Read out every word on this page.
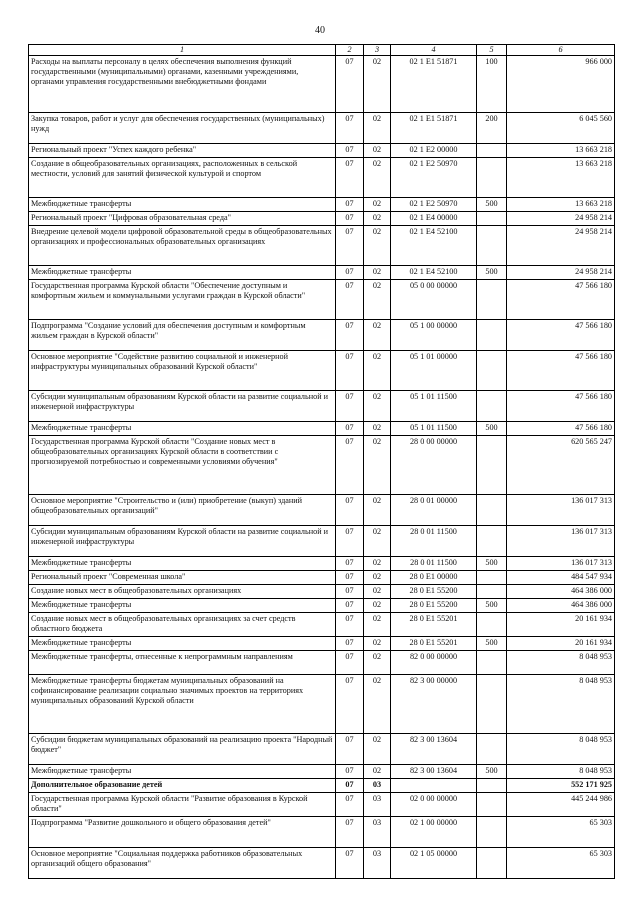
40
1	2	3	4	5	6
Расходы на выплаты персоналу в целях обеспечения выполнения функций государственными (муниципальными) органами, казенными учреждениями, органами управления государственными внебюджетными фондами	07	02	02 1 E1 51871	100	966 000
Закупка товаров, работ и услуг для обеспечения государственных (муниципальных) нужд	07	02	02 1 E1 51871	200	6 045 560
Региональный проект "Успех каждого ребенка"	07	02	02 1 E2 00000		13 663 218
Создание в общеобразовательных организациях, расположенных в сельской местности, условий для занятий физической культурой и спортом	07	02	02 1 E2 50970		13 663 218
Межбюджетные трансферты	07	02	02 1 E2 50970	500	13 663 218
Региональный проект "Цифровая образовательная среда"	07	02	02 1 E4 00000		24 958 214
Внедрение целевой модели цифровой образовательной среды в общеобразовательных организациях и профессиональных образовательных организациях	07	02	02 1 E4 52100		24 958 214
Межбюджетные трансферты	07	02	02 1 E4 52100	500	24 958 214
Государственная программа Курской области "Обеспечение доступным и комфортным жильем и коммунальными услугами граждан в Курской области"	07	02	05 0 00 00000		47 566 180
Подпрограмма "Создание условий для обеспечения доступным и комфортным жильем граждан в Курской области"	07	02	05 1 00 00000		47 566 180
Основное мероприятие "Содействие развитию социальной и инженерной инфраструктуры муниципальных образований Курской области"	07	02	05 1 01 00000		47 566 180
Субсидии муниципальным образованиям Курской области на развитие социальной и инженерной инфраструктуры	07	02	05 1 01 11500		47 566 180
Межбюджетные трансферты	07	02	05 1 01 11500	500	47 566 180
Государственная программа Курской области "Создание новых мест в общеобразовательных организациях Курской области в соответствии с прогнозируемой потребностью и современными условиями обучения"	07	02	28 0 00 00000		620 565 247
Основное мероприятие "Строительство и (или) приобретение (выкуп) зданий общеобразовательных организаций"	07	02	28 0 01 00000		136 017 313
Субсидии муниципальным образованиям Курской области на развитие социальной и инженерной инфраструктуры	07	02	28 0 01 11500		136 017 313
Межбюджетные трансферты	07	02	28 0 01 11500	500	136 017 313
Региональный проект "Современная школа"	07	02	28 0 E1 00000		484 547 934
Создание новых мест в общеобразовательных организациях	07	02	28 0 E1 55200		464 386 000
Межбюджетные трансферты	07	02	28 0 E1 55200	500	464 386 000
Создание новых мест в общеобразовательных организациях за счет средств областного бюджета	07	02	28 0 E1 55201		20 161 934
Межбюджетные трансферты	07	02	28 0 E1 55201	500	20 161 934
Межбюджетные трансферты, отнесенные к непрограммным направлениям	07	02	82 0 00 00000		8 048 953
Межбюджетные трансферты бюджетам муниципальных образований на софинансирование реализации социально значимых проектов на территориях муниципальных образований Курской области	07	02	82 3 00 00000		8 048 953
Субсидии бюджетам муниципальных образований на реализацию проекта "Народный бюджет"	07	02	82 3 00 13604		8 048 953
Межбюджетные трансферты	07	02	82 3 00 13604	500	8 048 953
Дополнительное образование детей	07	03			552 171 925
Государственная программа Курской области "Развитие образования в Курской области"	07	03	02 0 00 00000		445 244 986
Подпрограмма "Развитие дошкольного и общего образования детей"	07	03	02 1 00 00000		65 303
Основное мероприятие "Социальная поддержка работников образовательных организаций общего образования"	07	03	02 1 05 00000		65 303
